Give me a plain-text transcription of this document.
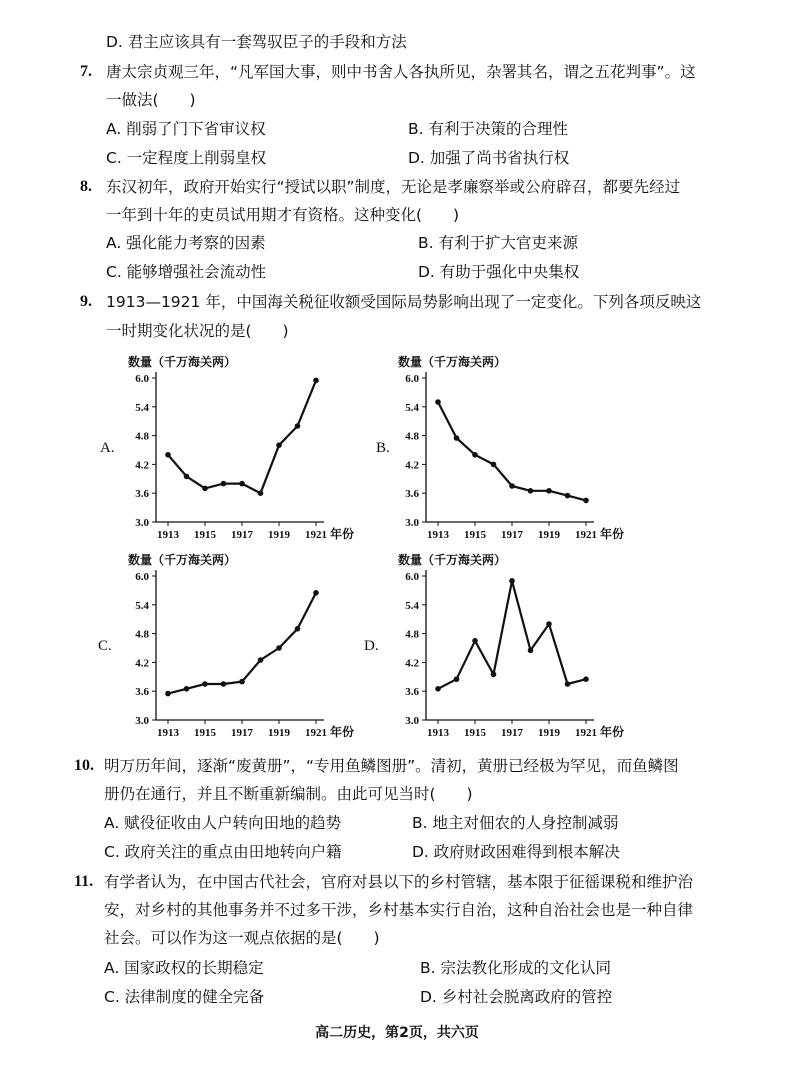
D. 君主应该具有一套驾驭臣子的手段和方法
7. 唐太宗贞观三年，“凡军国大事，则中书舍人各执所见，杂署其名，谓之五花判事”。这
一做法(　　)
A. 削弱了门下省审议权	B. 有利于决策的合理性
C. 一定程度上削弱皇权	D. 加强了尚书省执行权
8. 东汉初年，政府开始实行“授试以职”制度，无论是孝廉察举或公府辟召，都要先经过
一年到十年的吏员试用期才有资格。这种变化(　　)
A. 强化能力考察的因素	B. 有利于扩大官吏来源
C. 能够增强社会流动性	D. 有助于强化中央集权
9. 1913—1921 年，中国海关税征收额受国际局势影响出现了一定变化。下列各项反映这
一时期变化状况的是(　　)
A.	B.
C.	D.
数量（千万海关两）
3.0
3.6
4.2
4.8
5.4
6.0
1913 1915 1917 1919 1921 年份
数量（千万海关两）
3.0
3.6
4.2
4.8
5.4
6.0
1913 1915 1917 1919 1921 年份
数量（千万海关两）
3.0
3.6
4.2
4.8
5.4
6.0
1913 1915 1917 1919 1921 年份
数量（千万海关两）
3.0
3.6
4.2
4.8
5.4
6.0
1913 1915 1917 1919 1921 年份
10. 明万历年间，逐渐“废黄册”，“专用鱼鳞图册”。清初，黄册已经极为罕见，而鱼鳞图
册仍在通行，并且不断重新编制。由此可见当时(　　)
A. 赋役征收由人户转向田地的趋势	B. 地主对佃农的人身控制减弱
C. 政府关注的重点由田地转向户籍	D. 政府财政困难得到根本解决
11. 有学者认为，在中国古代社会，官府对县以下的乡村管辖，基本限于征徭课税和维护治
安，对乡村的其他事务并不过多干涉，乡村基本实行自治，这种自治社会也是一种自律
社会。可以作为这一观点依据的是(　　)
A. 国家政权的长期稳定	B. 宗法教化形成的文化认同
C. 法律制度的健全完备	D. 乡村社会脱离政府的管控
高二历史，第2页，共六页
